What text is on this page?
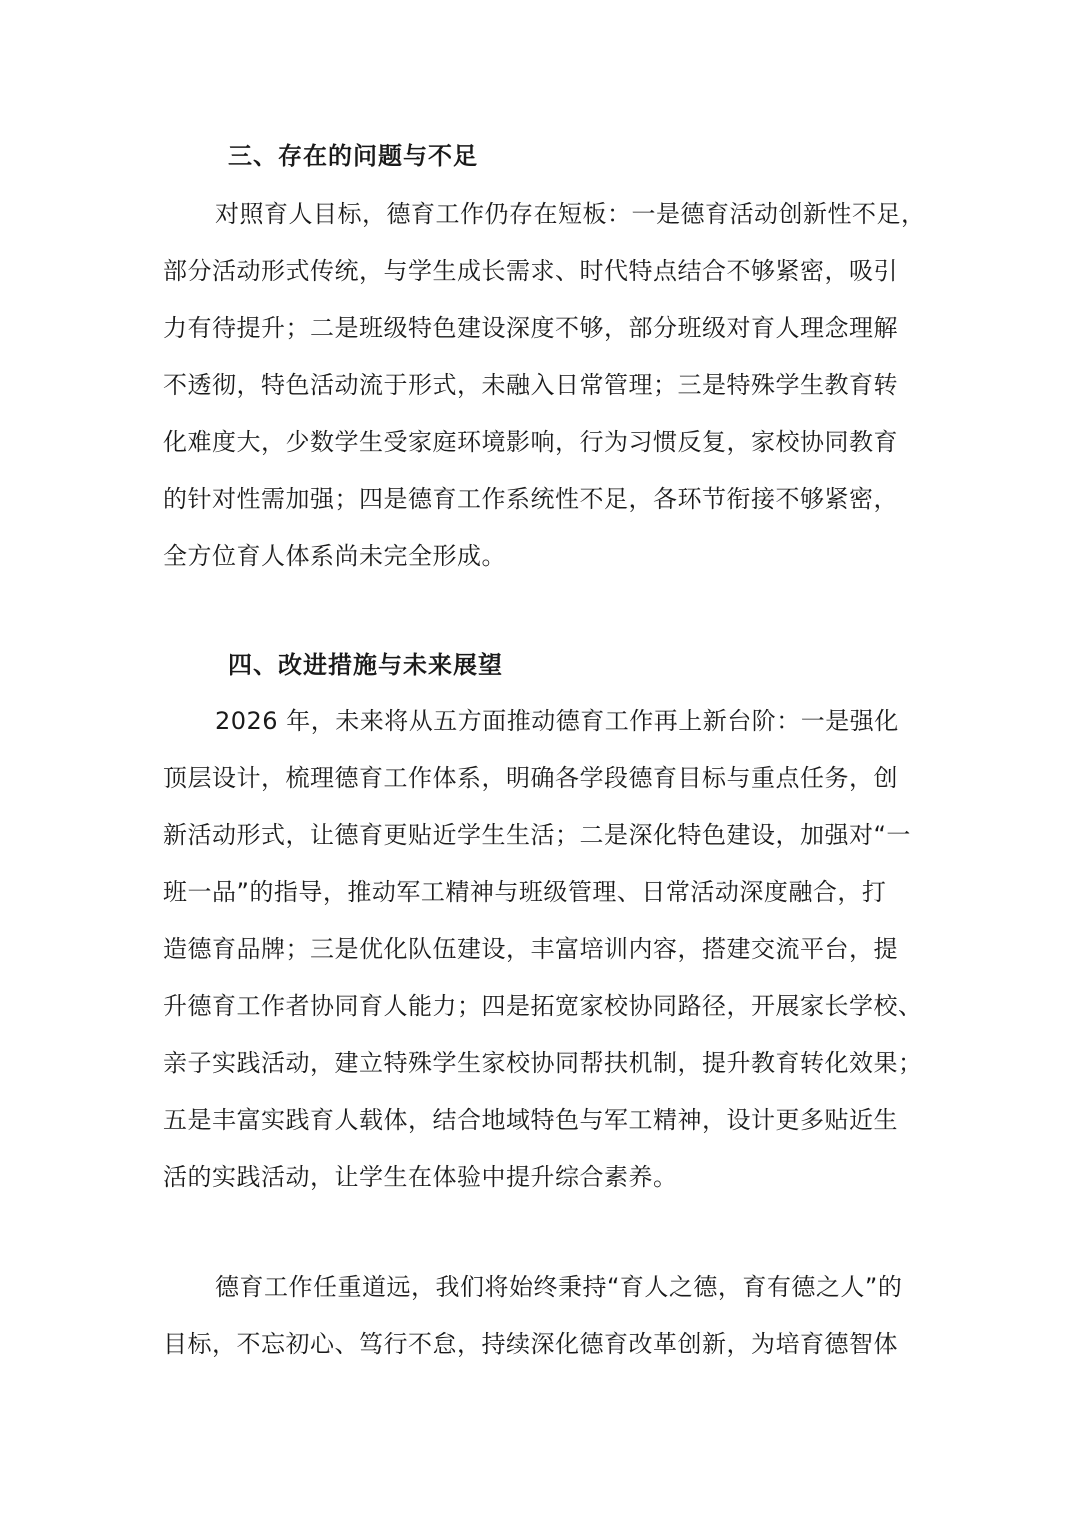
三、存在的问题与不足
对照育人目标，德育工作仍存在短板：一是德育活动创新性不足，
部分活动形式传统，与学生成长需求、时代特点结合不够紧密，吸引
力有待提升；二是班级特色建设深度不够，部分班级对育人理念理解
不透彻，特色活动流于形式，未融入日常管理；三是特殊学生教育转
化难度大，少数学生受家庭环境影响，行为习惯反复，家校协同教育
的针对性需加强；四是德育工作系统性不足，各环节衔接不够紧密，
全方位育人体系尚未完全形成。
四、改进措施与未来展望
2026 年，未来将从五方面推动德育工作再上新台阶：一是强化
顶层设计，梳理德育工作体系，明确各学段德育目标与重点任务，创
新活动形式，让德育更贴近学生生活；二是深化特色建设，加强对“一
班一品”的指导，推动军工精神与班级管理、日常活动深度融合，打
造德育品牌；三是优化队伍建设，丰富培训内容，搭建交流平台，提
升德育工作者协同育人能力；四是拓宽家校协同路径，开展家长学校、
亲子实践活动，建立特殊学生家校协同帮扶机制，提升教育转化效果；
五是丰富实践育人载体，结合地域特色与军工精神，设计更多贴近生
活的实践活动，让学生在体验中提升综合素养。
德育工作任重道远，我们将始终秉持“育人之德，育有德之人”的
目标，不忘初心、笃行不怠，持续深化德育改革创新，为培育德智体
